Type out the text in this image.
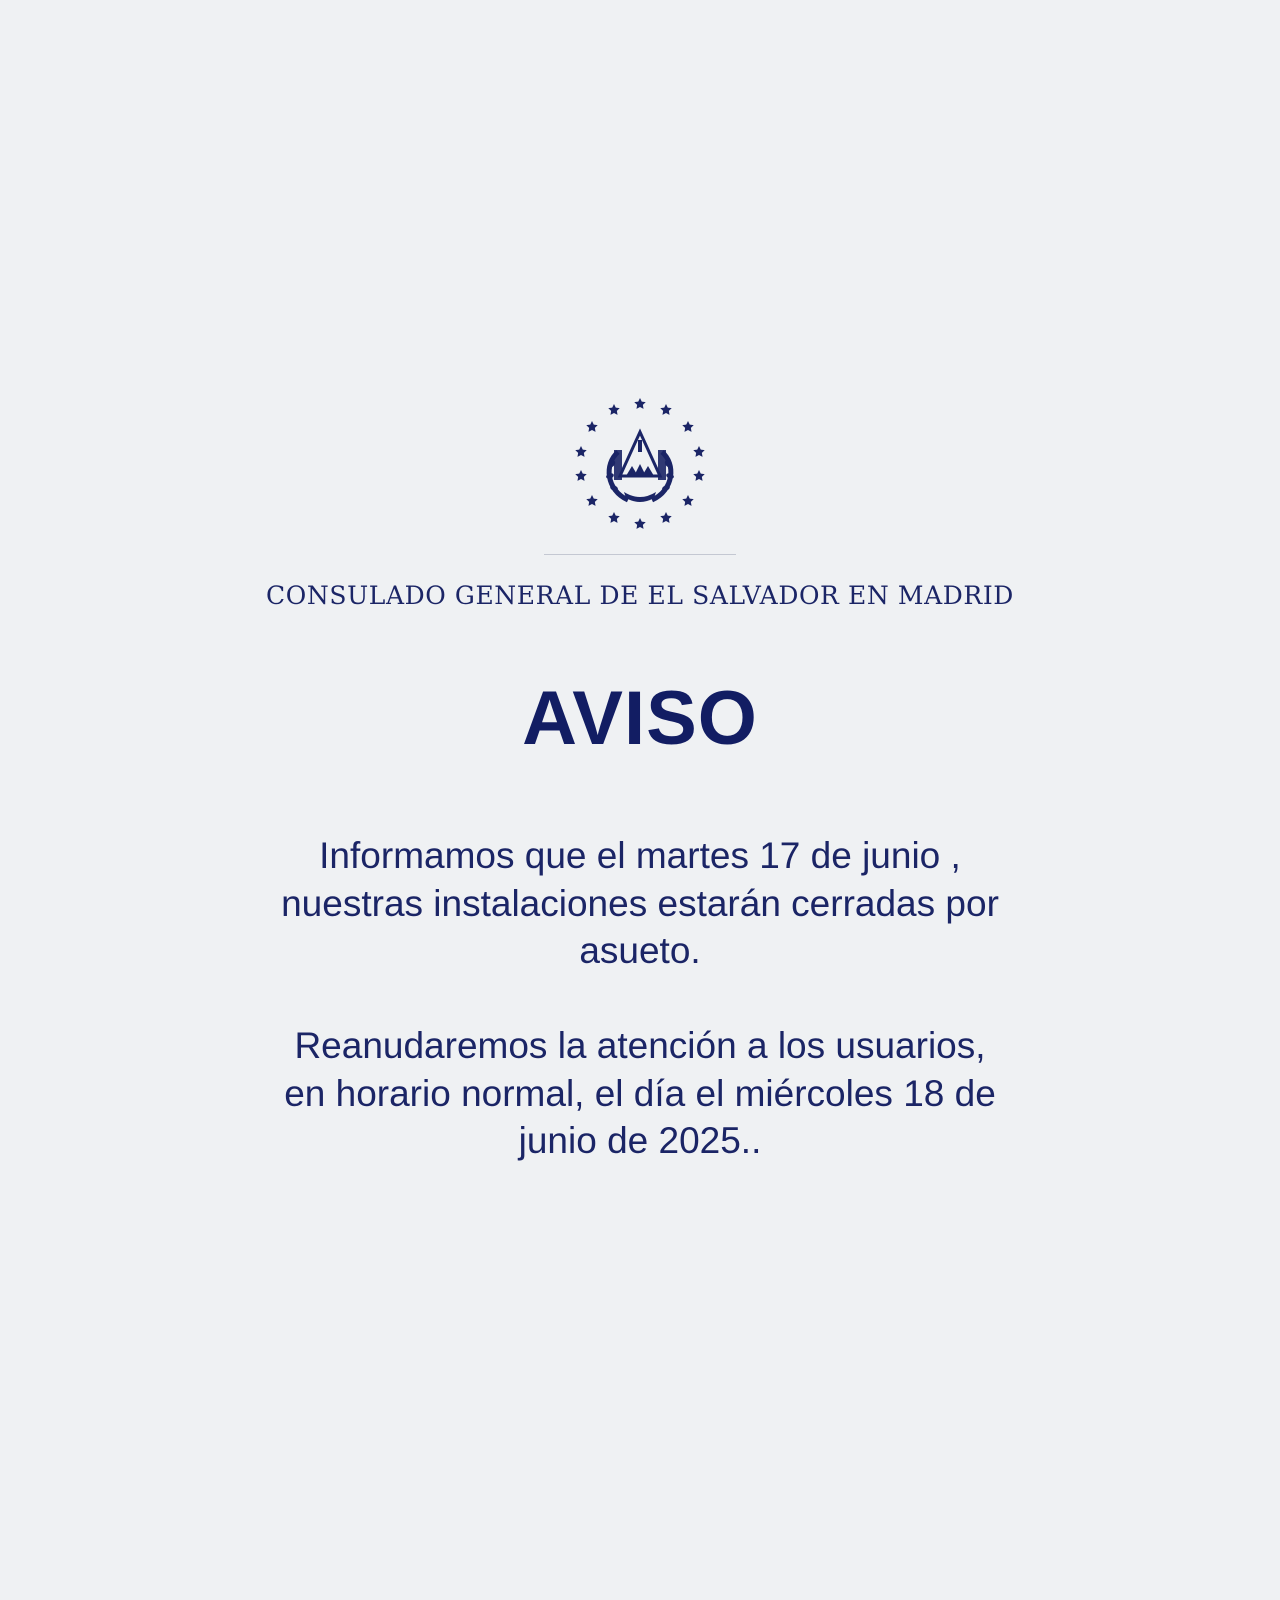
CONSULADO GENERAL DE EL SALVADOR EN MADRID
AVISO

Informamos que el martes 17 de junio ,
nuestras instalaciones estarán cerradas por
asueto.

Reanudaremos la atención a los usuarios,
en horario normal, el día el miércoles 18 de
junio de 2025..
